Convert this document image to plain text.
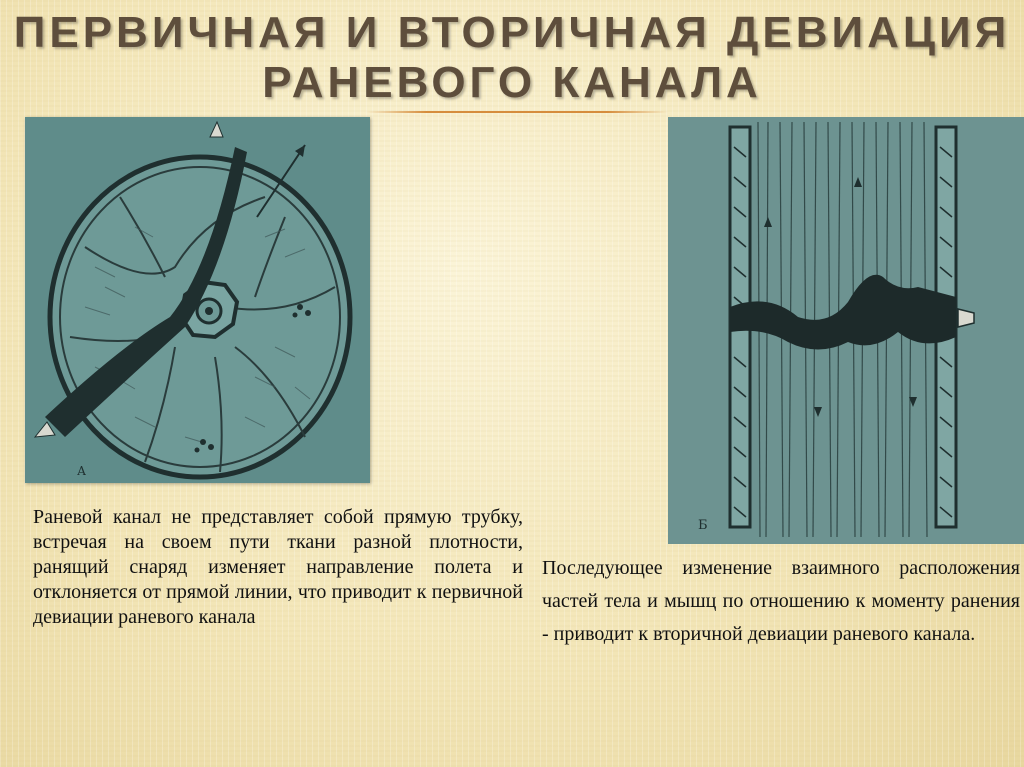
ПЕРВИЧНАЯ И ВТОРИЧНАЯ ДЕВИАЦИЯ
РАНЕВОГО КАНАЛА
А
Б
Раневой канал не представляет собой прямую трубку, встречая на своем пути ткани разной плотности, ранящий снаряд изменяет направление полета и отклоняется от прямой линии, что приводит к первичной девиации раневого канала
Последующее изменение взаимного расположения частей тела и мышц по отношению к моменту ранения - приводит к вторичной девиации раневого канала.
